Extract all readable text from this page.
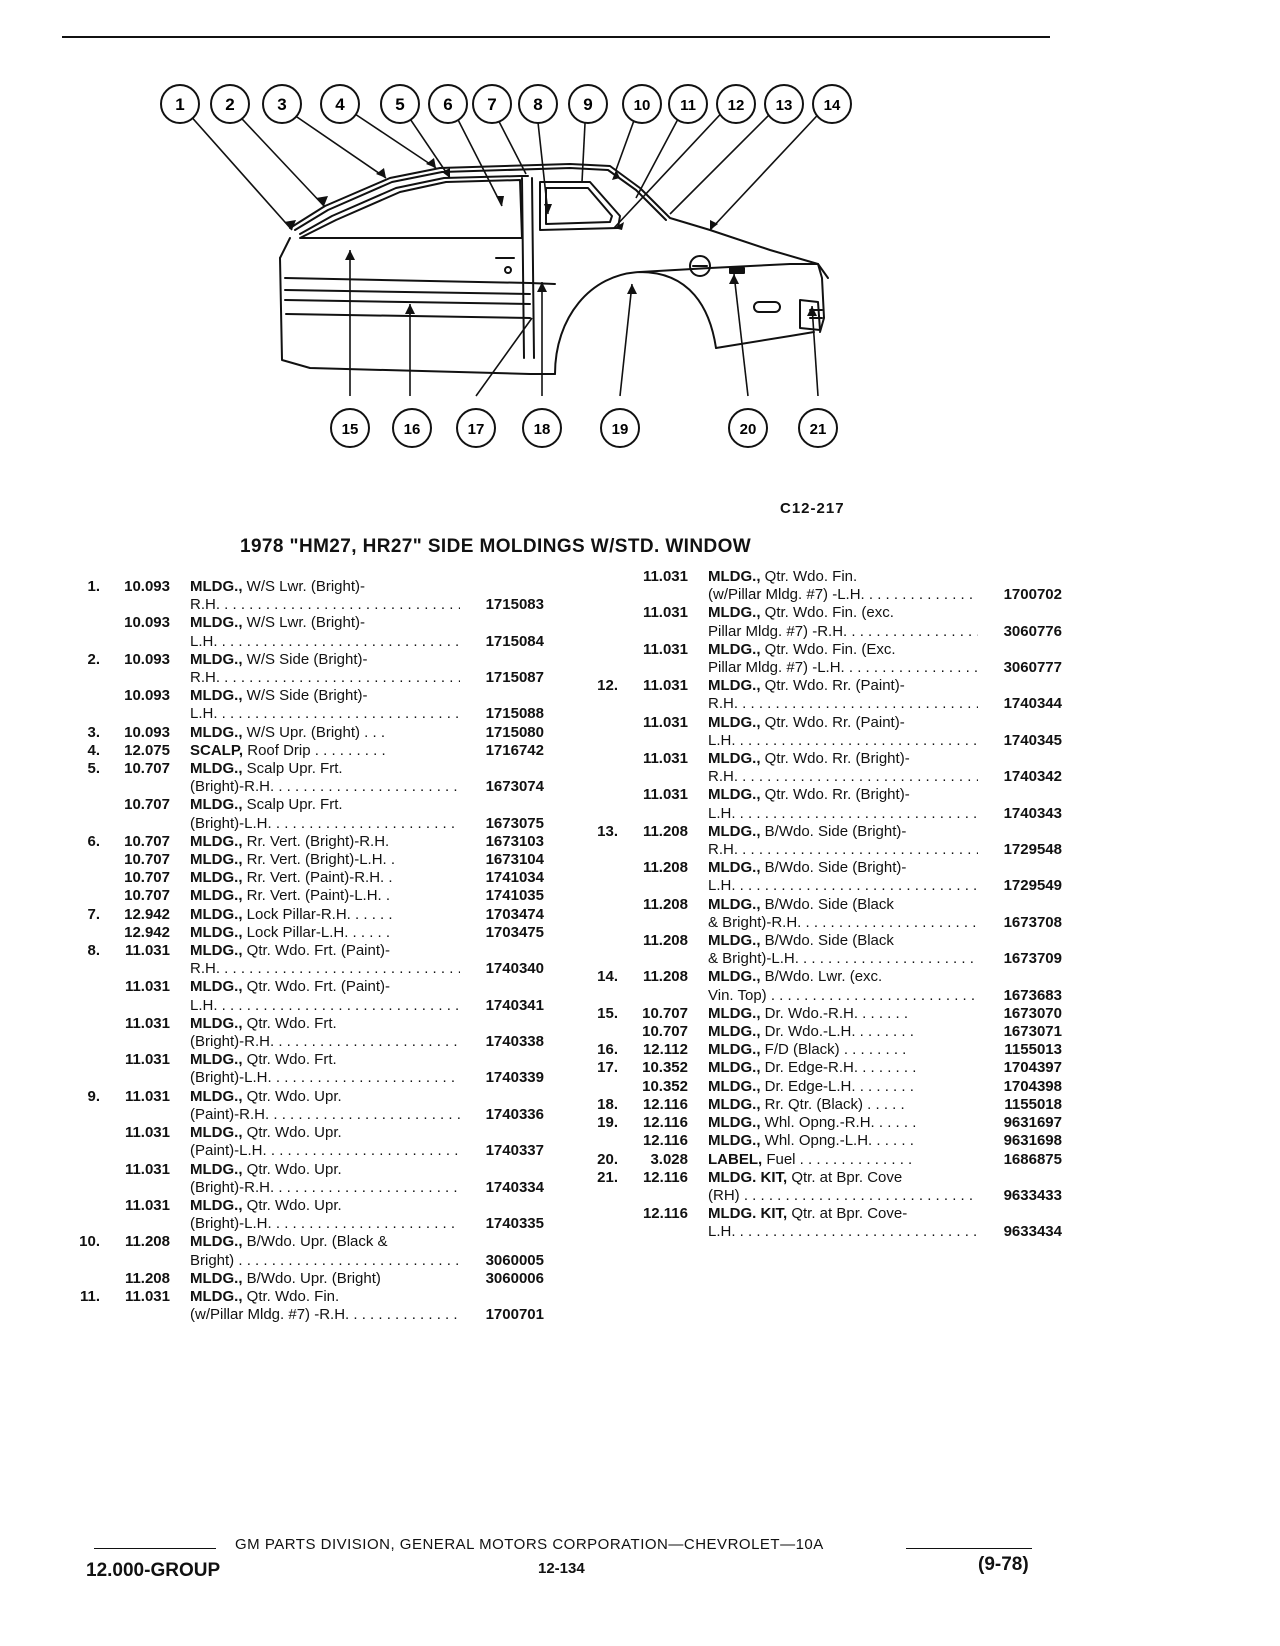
1 2	3	4	5 6 7 8 9	10 11 12 13 14
15	16	17	18	19	20	21
C12-217
1978 "HM27, HR27" SIDE MOLDINGS W/STD. WINDOW
1.	10.093 MLDG., W/S Lwr. (Bright)-
R.H. . . .	1715083
10.093 MLDG., W/S Lwr. (Bright)-
L.H. . . .	1715084
2.	10.093 MLDG., W/S Side (Bright)-
R.H. . . .	1715087
10.093 MLDG., W/S Side (Bright)-
L.H. . . .	1715088
3.	10.093 MLDG., W/S Upr. (Bright) . . .	1715080
4.	12.075 SCALP, Roof Drip . . . . . . . . .	1716742
5.	10.707 MLDG., Scalp Upr. Frt.
(Bright)-R.H. . . .	1673074
10.707 MLDG., Scalp Upr. Frt.
(Bright)-L.H. . . .	1673075
6.	10.707 MLDG., Rr. Vert. (Bright)-R.H.	1673103
10.707 MLDG., Rr. Vert. (Bright)-L.H. .	1673104
10.707 MLDG., Rr. Vert. (Paint)-R.H. .	1741034
10.707 MLDG., Rr. Vert. (Paint)-L.H. .	1741035
7.	12.942 MLDG., Lock Pillar-R.H. . . . . .	1703474
12.942 MLDG., Lock Pillar-L.H. . . . . .	1703475
8.	11.031 MLDG., Qtr. Wdo. Frt. (Paint)-
R.H. . . .	1740340
11.031 MLDG., Qtr. Wdo. Frt. (Paint)-
L.H. . . .	1740341
11.031 MLDG., Qtr. Wdo. Frt.
(Bright)-R.H. . . .	1740338
11.031 MLDG., Qtr. Wdo. Frt.
(Bright)-L.H. . . .	1740339
9.	11.031 MLDG., Qtr. Wdo. Upr.
(Paint)-R.H. . . .	1740336
11.031 MLDG., Qtr. Wdo. Upr.
(Paint)-L.H. . . .	1740337
11.031 MLDG., Qtr. Wdo. Upr.
(Bright)-R.H. . . .	1740334
11.031 MLDG., Qtr. Wdo. Upr.
(Bright)-L.H. . . .	1740335
10.	11.208 MLDG., B/Wdo. Upr. (Black &
Bright) . . .	3060005
11.208 MLDG., B/Wdo. Upr. (Bright)	3060006
11.	11.031 MLDG., Qtr. Wdo. Fin.
(w/Pillar Mldg. #7) -R.H. . . . . . . .	1700701
11.031 MLDG., Qtr. Wdo. Fin.
(w/Pillar Mldg. #7) -L.H. . . . . . . .	1700702
11.031 MLDG., Qtr. Wdo. Fin. (exc.
Pillar Mldg. #7) -R.H. . . .	3060776
11.031 MLDG., Qtr. Wdo. Fin. (Exc.
Pillar Mldg. #7) -L.H. . . .	3060777
12.	11.031 MLDG., Qtr. Wdo. Rr. (Paint)-
R.H. . . .	1740344
11.031 MLDG., Qtr. Wdo. Rr. (Paint)-
L.H. . . .	1740345
11.031 MLDG., Qtr. Wdo. Rr. (Bright)-
R.H. . . .	1740342
11.031 MLDG., Qtr. Wdo. Rr. (Bright)-
L.H. . . .	1740343
13.	11.208 MLDG., B/Wdo. Side (Bright)-
R.H. . . .	1729548
11.208 MLDG., B/Wdo. Side (Bright)-
L.H. . . .	1729549
11.208 MLDG., B/Wdo. Side (Black
& Bright)-R.H. . . .	1673708
11.208 MLDG., B/Wdo. Side (Black
& Bright)-L.H. . . .	1673709
14.	11.208 MLDG., B/Wdo. Lwr. (exc.
Vin. Top) . . .	1673683
15.	10.707 MLDG., Dr. Wdo.-R.H. . . . . . .	1673070
10.707 MLDG., Dr. Wdo.-L.H. . . . . . . .	1673071
16.	12.112 MLDG., F/D (Black) . . . . . . . .	1155013
17.	10.352 MLDG., Dr. Edge-R.H. . . . . . . .	1704397
10.352 MLDG., Dr. Edge-L.H. . . . . . . .	1704398
18.	12.116 MLDG., Rr. Qtr. (Black) . . . . .	1155018
19.	12.116 MLDG., Whl. Opng.-R.H. . . . . .	9631697
12.116 MLDG., Whl. Opng.-L.H. . . . . .	9631698
20.	3.028 LABEL, Fuel . . . . . . . . . . . . . .	1686875
21.	12.116 MLDG. KIT, Qtr. at Bpr. Cove
(RH) . . .	9633433
12.116 MLDG. KIT, Qtr. at Bpr. Cove-
L.H. . . .	9633434
GM PARTS DIVISION, GENERAL MOTORS CORPORATION—CHEVROLET—10A
12.000-GROUP	12-134	(9-78)
